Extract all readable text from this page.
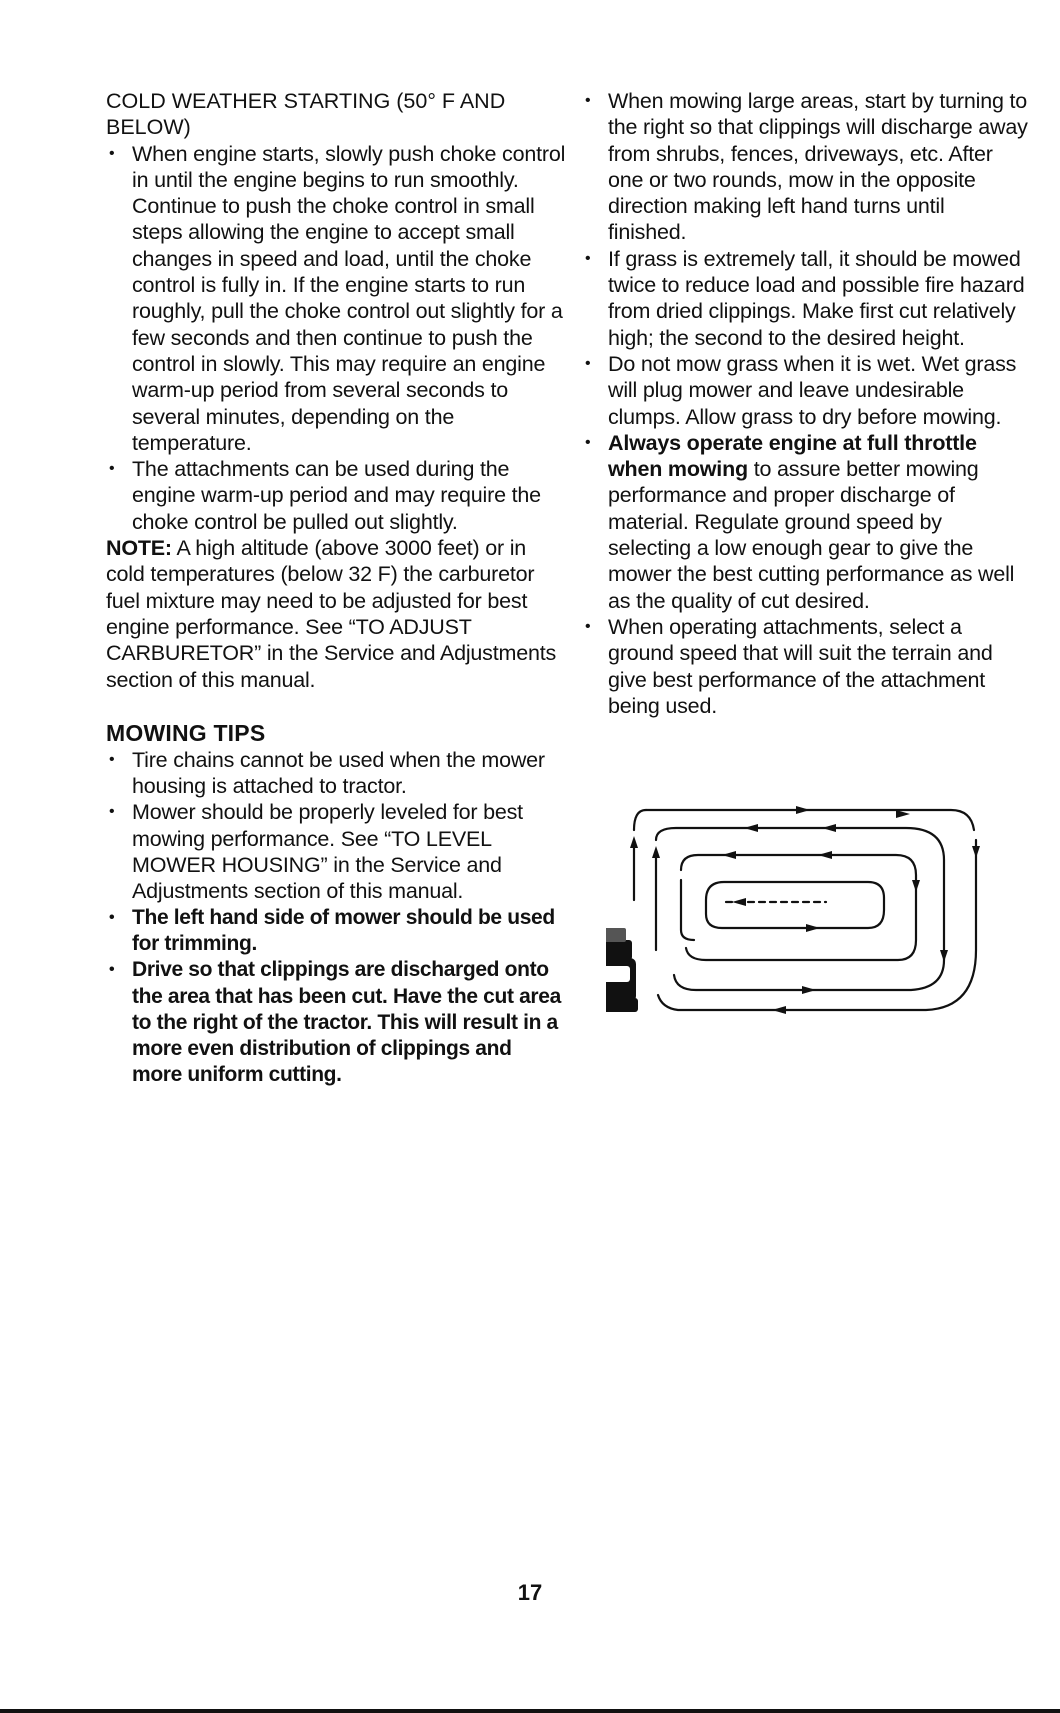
COLD WEATHER STARTING (50° F AND BELOW)

• When engine starts, slowly push choke control in until the engine begins to run smoothly. Continue to push the choke control in small steps allowing the engine to accept small changes in speed and load, until the choke control is fully in. If the engine starts to run roughly, pull the choke control out slightly for a few seconds and then continue to push the control in slowly. This may require an engine warm-up period from several seconds to several minutes, depending on the temperature.
• The attachments can be used during the engine warm-up period and may require the choke control be pulled out slightly.

NOTE: A high altitude (above 3000 feet) or in cold temperatures (below 32 F) the carburetor fuel mixture may need to be adjusted for best engine performance. See “TO ADJUST CARBURETOR” in the Service and Adjustments section of this manual.

MOWING TIPS

• Tire chains cannot be used when the mower housing is attached to tractor.
• Mower should be properly leveled for best mowing performance. See “TO LEVEL MOWER HOUSING” in the Service and Adjustments section of this manual.
• The left hand side of mower should be used for trimming.
• Drive so that clippings are discharged onto the area that has been cut. Have the cut area to the right of the tractor. This will result in a more even distribution of clippings and more uniform cutting.
• When mowing large areas, start by turning to the right so that clippings will discharge away from shrubs, fences, driveways, etc. After one or two rounds, mow in the opposite direction making left hand turns until finished.
• If grass is extremely tall, it should be mowed twice to reduce load and possible fire hazard from dried clippings. Make first cut relatively high; the second to the desired height.
• Do not mow grass when it is wet. Wet grass will plug mower and leave undesirable clumps. Allow grass to dry before mowing.
• Always operate engine at full throttle when mowing to assure better mowing performance and proper discharge of material. Regulate ground speed by selecting a low enough gear to give the mower the best cutting performance as well as the quality of cut desired.
• When operating attachments, select a ground speed that will suit the terrain and give best performance of the attachment being used.
17
